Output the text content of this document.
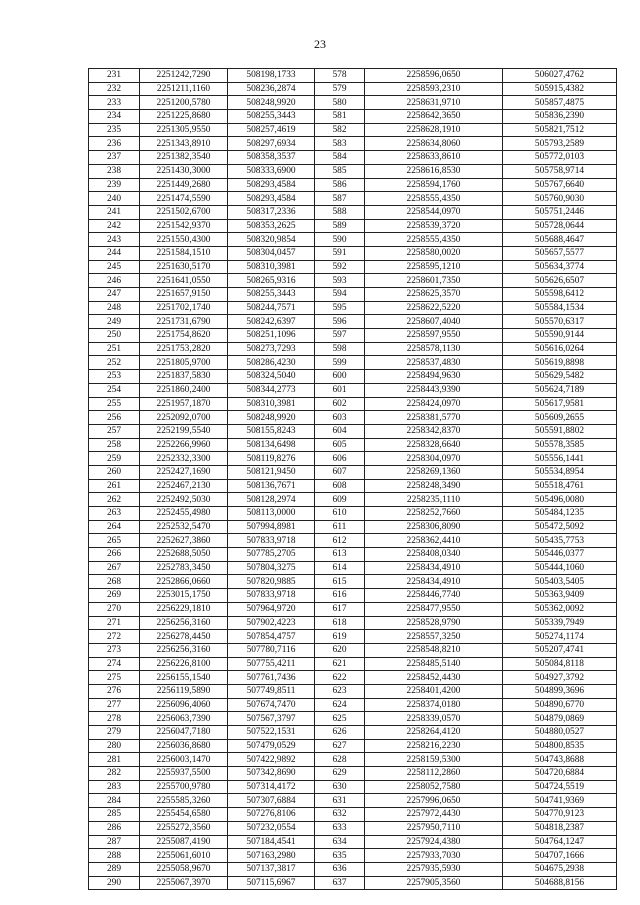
23
231	2251242,7290	508198,1733	578	2258596,0650	506027,4762
232	2251211,1160	508236,2874	579	2258593,2310	505915,4382
233	2251200,5780	508248,9920	580	2258631,9710	505857,4875
234	2251225,8680	508255,3443	581	2258642,3650	505836,2390
235	2251305,9550	508257,4619	582	2258628,1910	505821,7512
236	2251343,8910	508297,6934	583	2258634,8060	505793,2589
237	2251382,3540	508358,3537	584	2258633,8610	505772,0103
238	2251430,3000	508333,6900	585	2258616,8530	505758,9714
239	2251449,2680	508293,4584	586	2258594,1760	505767,6640
240	2251474,5590	508293,4584	587	2258555,4350	505760,9030
241	2251502,6700	508317,2336	588	2258544,0970	505751,2446
242	2251542,9370	508353,2625	589	2258539,3720	505728,0644
243	2251550,4300	508320,9854	590	2258555,4350	505688,4647
244	2251584,1510	508304,0457	591	2258580,0020	505657,5577
245	2251630,5170	508310,3981	592	2258595,1210	505634,3774
246	2251641,0550	508265,9316	593	2258601,7350	505626,6507
247	2251657,9150	508255,3443	594	2258625,3570	505598,6412
248	2251702,1740	508244,7571	595	2258622,5220	505584,1534
249	2251731,6790	508242,6397	596	2258607,4040	505570,6317
250	2251754,8620	508251,1096	597	2258597,9550	505590,9144
251	2251753,2820	508273,7293	598	2258578,1130	505616,0264
252	2251805,9700	508286,4230	599	2258537,4830	505619,8898
253	2251837,5830	508324,5040	600	2258494,9630	505629,5482
254	2251860,2400	508344,2773	601	2258443,9390	505624,7189
255	2251957,1870	508310,3981	602	2258424,0970	505617,9581
256	2252092,0700	508248,9920	603	2258381,5770	505609,2655
257	2252199,5540	508155,8243	604	2258342,8370	505591,8802
258	2252266,9960	508134,6498	605	2258328,6640	505578,3585
259	2252332,3300	508119,8276	606	2258304,0970	505556,1441
260	2252427,1690	508121,9450	607	2258269,1360	505534,8954
261	2252467,2130	508136,7671	608	2258248,3490	505518,4761
262	2252492,5030	508128,2974	609	2258235,1110	505496,0080
263	2252455,4980	508113,0000	610	2258252,7660	505484,1235
264	2252532,5470	507994,8981	611	2258306,8090	505472,5092
265	2252627,3860	507833,9718	612	2258362,4410	505435,7753
266	2252688,5050	507785,2705	613	2258408,0340	505446,0377
267	2252783,3450	507804,3275	614	2258434,4910	505444,1060
268	2252866,0660	507820,9885	615	2258434,4910	505403,5405
269	2253015,1750	507833,9718	616	2258446,7740	505363,9409
270	2256229,1810	507964,9720	617	2258477,9550	505362,0092
271	2256256,3160	507902,4223	618	2258528,9790	505339,7949
272	2256278,4450	507854,4757	619	2258557,3250	505274,1174
273	2256256,3160	507780,7116	620	2258548,8210	505207,4741
274	2256226,8100	507755,4211	621	2258485,5140	505084,8118
275	2256155,1540	507761,7436	622	2258452,4430	504927,3792
276	2256119,5890	507749,8511	623	2258401,4200	504899,3696
277	2256096,4060	507674,7470	624	2258374,0180	504890,6770
278	2256063,7390	507567,3797	625	2258339,0570	504879,0869
279	2256047,7180	507522,1531	626	2258264,4120	504880,0527
280	2256036,8680	507479,0529	627	2258216,2230	504800,8535
281	2256003,1470	507422,9892	628	2258159,5300	504743,8688
282	2255937,5500	507342,8690	629	2258112,2860	504720,6884
283	2255700,9780	507314,4172	630	2258052,7580	504724,5519
284	2255585,3260	507307,6884	631	2257996,0650	504741,9369
285	2255454,6580	507276,8106	632	2257972,4430	504770,9123
286	2255272,3560	507232,0554	633	2257950,7110	504818,2387
287	2255087,4190	507184,4541	634	2257924,4380	504764,1247
288	2255061,6010	507163,2980	635	2257933,7030	504707,1666
289	2255058,9670	507137,3817	636	2257935,5930	504675,2938
290	2255067,3970	507115,6967	637	2257905,3560	504688,8156
